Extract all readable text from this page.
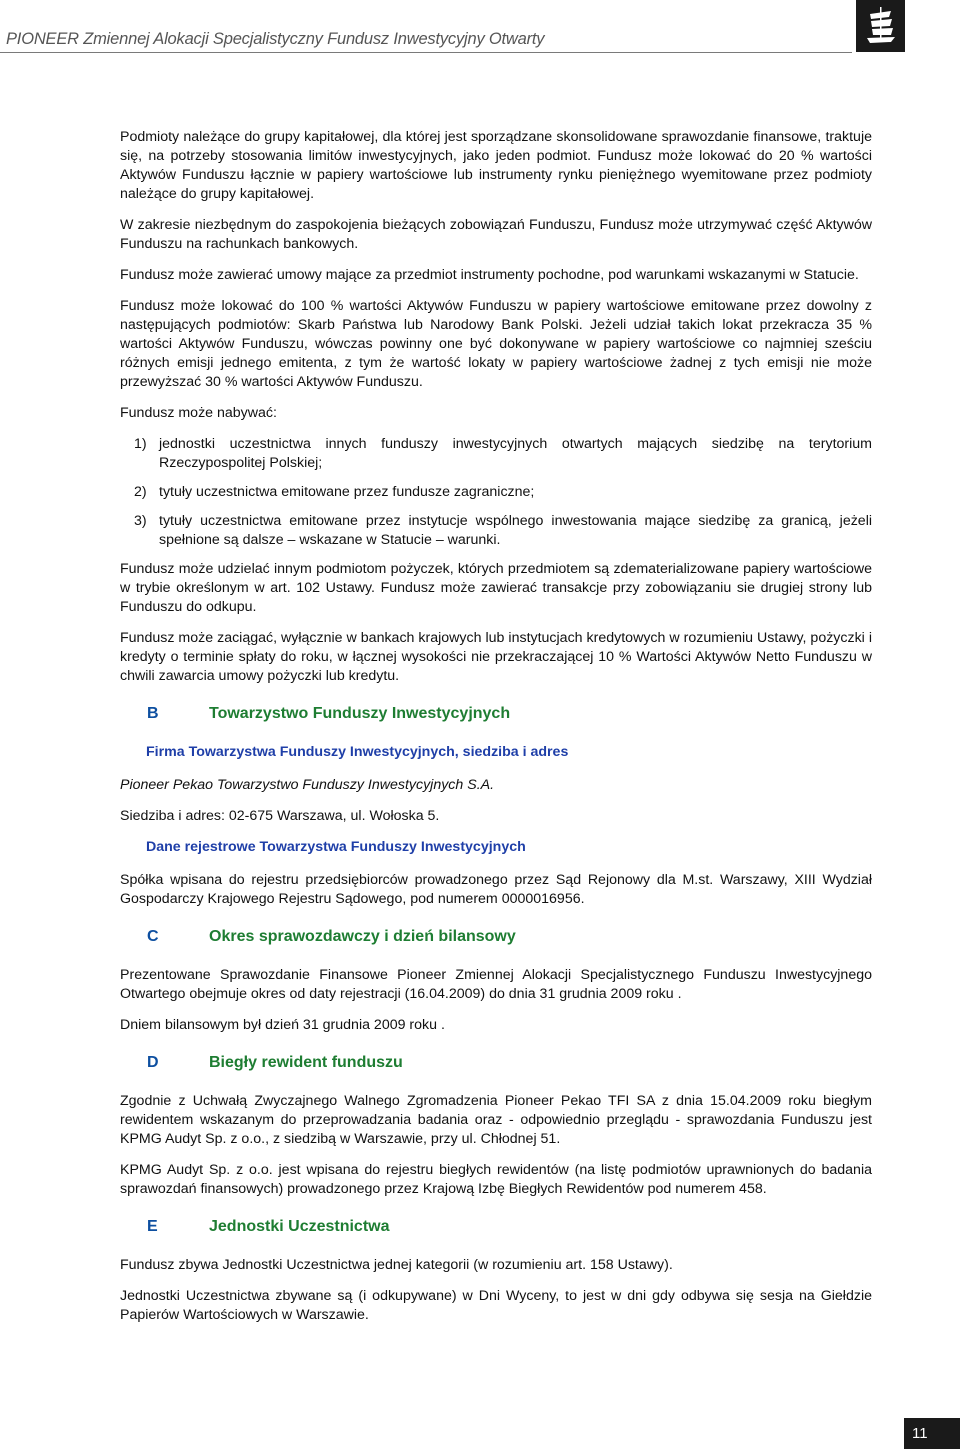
PIONEER Zmiennej Alokacji Specjalistyczny Fundusz Inwestycyjny Otwarty

Podmioty należące do grupy kapitałowej, dla której jest sporządzane skonsolidowane sprawozdanie finansowe, traktuje się, na potrzeby stosowania limitów inwestycyjnych, jako jeden podmiot. Fundusz może lokować do 20 % wartości Aktywów Funduszu łącznie w papiery wartościowe lub instrumenty rynku pieniężnego wyemitowane przez podmioty należące do grupy kapitałowej.

W zakresie niezbędnym do zaspokojenia bieżących zobowiązań Funduszu, Fundusz może utrzymywać część Aktywów Funduszu na rachunkach bankowych.

Fundusz może zawierać umowy mające za przedmiot instrumenty pochodne, pod warunkami wskazanymi w Statucie.

Fundusz może lokować do 100 % wartości Aktywów Funduszu w papiery wartościowe emitowane przez dowolny z następujących podmiotów: Skarb Państwa lub Narodowy Bank Polski. Jeżeli udział takich lokat przekracza 35 % wartości Aktywów Funduszu, wówczas powinny one być dokonywane w papiery wartościowe co najmniej sześciu różnych emisji jednego emitenta, z tym że wartość lokaty w papiery wartościowe żadnej z tych emisji nie może przewyższać 30 % wartości Aktywów Funduszu.

Fundusz może nabywać:

1) jednostki uczestnictwa innych funduszy inwestycyjnych otwartych mających siedzibę na terytorium Rzeczypospolitej Polskiej;
2) tytuły uczestnictwa emitowane przez fundusze zagraniczne;
3) tytuły uczestnictwa emitowane przez instytucje wspólnego inwestowania mające siedzibę za granicą, jeżeli spełnione są dalsze – wskazane w Statucie – warunki.

Fundusz może udzielać innym podmiotom pożyczek, których przedmiotem są zdematerializowane papiery wartościowe w trybie określonym w art. 102 Ustawy. Fundusz może zawierać transakcje przy zobowiązaniu sie drugiej strony lub Funduszu do odkupu.

Fundusz może zaciągać, wyłącznie w bankach krajowych lub instytucjach kredytowych w rozumieniu Ustawy, pożyczki i kredyty o terminie spłaty do roku, w łącznej wysokości nie przekraczającej 10 % Wartości Aktywów Netto Funduszu w chwili zawarcia umowy pożyczki lub kredytu.

B	Towarzystwo Funduszy Inwestycyjnych
Firma Towarzystwa Funduszy Inwestycyjnych, siedziba i adres

Pioneer Pekao Towarzystwo Funduszy Inwestycyjnych S.A.

Siedziba i adres: 02-675 Warszawa, ul. Wołoska 5.

Dane rejestrowe Towarzystwa Funduszy Inwestycyjnych

Spółka wpisana do rejestru przedsiębiorców prowadzonego przez Sąd Rejonowy dla M.st. Warszawy, XIII Wydział Gospodarczy Krajowego Rejestru Sądowego, pod numerem 0000016956.

C	Okres sprawozdawczy i dzień bilansowy

Prezentowane Sprawozdanie Finansowe Pioneer Zmiennej Alokacji Specjalistycznego Funduszu Inwestycyjnego Otwartego obejmuje okres od daty rejestracji (16.04.2009) do dnia 31 grudnia 2009 roku .

Dniem bilansowym był dzień 31 grudnia 2009 roku .

D	Biegły rewident funduszu

Zgodnie z Uchwałą Zwyczajnego Walnego Zgromadzenia Pioneer Pekao TFI SA z dnia 15.04.2009 roku biegłym rewidentem wskazanym do przeprowadzania badania oraz - odpowiednio przeglądu - sprawozdania Funduszu jest KPMG Audyt Sp. z o.o., z siedzibą w Warszawie, przy ul. Chłodnej 51.

KPMG Audyt Sp. z o.o. jest wpisana do rejestru biegłych rewidentów (na listę podmiotów uprawnionych do badania sprawozdań finansowych) prowadzonego przez Krajową Izbę Biegłych Rewidentów pod numerem 458.

E	Jednostki Uczestnictwa

Fundusz zbywa Jednostki Uczestnictwa jednej kategorii (w rozumieniu art. 158 Ustawy).

Jednostki Uczestnictwa zbywane są (i odkupywane) w Dni Wyceny, to jest w dni gdy odbywa się sesja na Giełdzie Papierów Wartościowych w Warszawie.

11
